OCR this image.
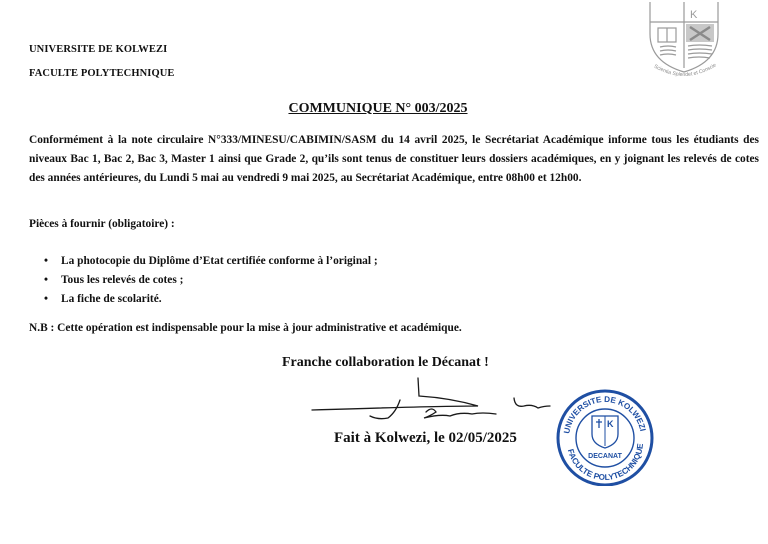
UNIVERSITE DE KOLWEZI
FACULTE POLYTECHNIQUE
K
Scientia Splendet et Conscie
COMMUNIQUE N° 003/2025
Conformément à la note circulaire N°333/MINESU/CABIMIN/SASM du 14 avril 2025, le Secrétariat Académique informe tous les étudiants des niveaux Bac 1, Bac 2, Bac 3, Master 1 ainsi que Grade 2, qu’ils sont tenus de constituer leurs dossiers académiques, en y joignant les relevés de cotes des années antérieures, du Lundi 5 mai au vendredi 9 mai 2025, au Secrétariat Académique, entre 08h00 et 12h00.
Pièces à fournir (obligatoire) :
• La photocopie du Diplôme d’Etat certifiée conforme à l’original ;
• Tous les relevés de cotes ;
• La fiche de scolarité.
N.B : Cette opération est indispensable pour la mise à jour administrative et académique.
Franche collaboration le Décanat !
Fait à Kolwezi, le 02/05/2025	UNIVERSITE DE KOLWEZI
FACULTE POLYTECHNIQUE
K
DECANAT
